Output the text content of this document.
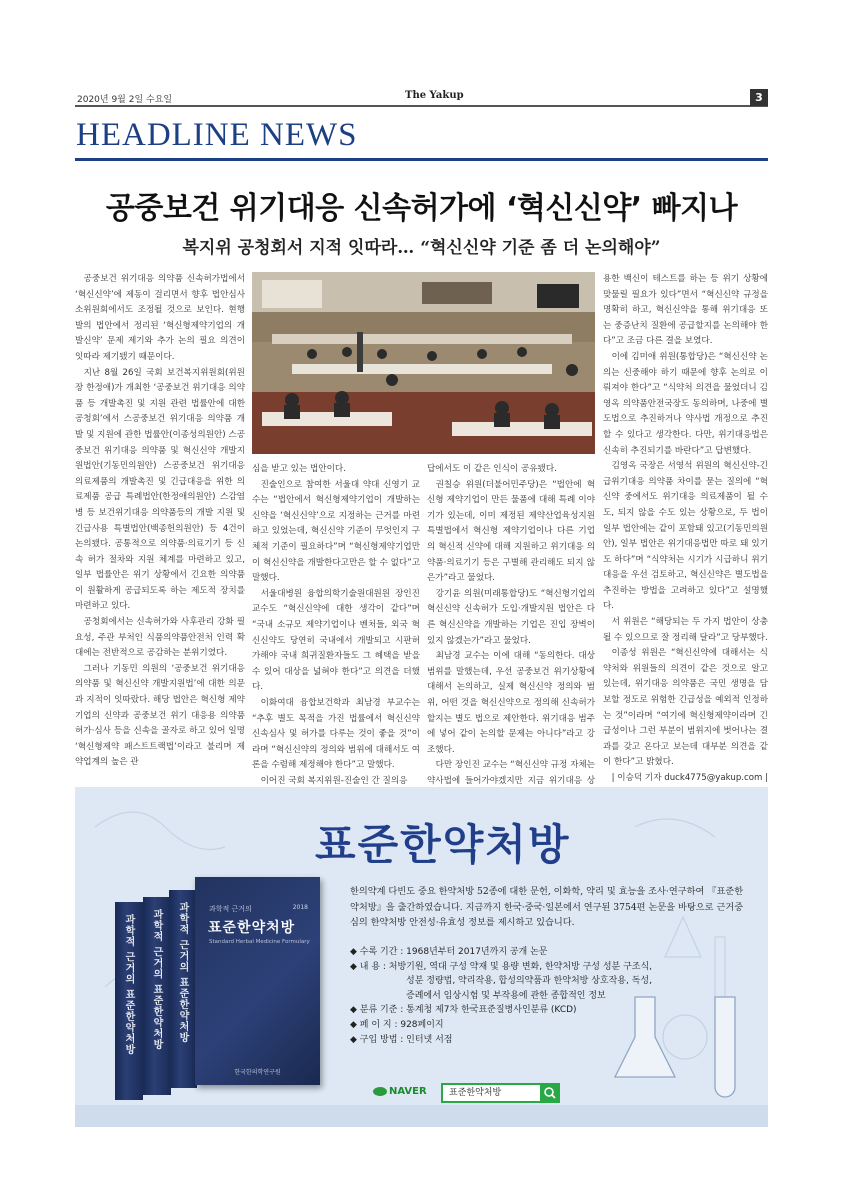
2020년 9월 2일 수요일	The Yakup	3
HEADLINE NEWS
공중보건 위기대응 신속허가에 ‘혁신신약’ 빠지나
복지위 공청회서 지적 잇따라… “혁신신약 기준 좀 더 논의해야”

공중보건 위기대응 의약품 신속허가법에서 ‘혁신신약’에 제동이 걸리면서 향후 법안심사소위원회에서도 조정될 것으로 보인다. 현행 발의 법안에서 정리된 ‘혁신형제약기업의 개발신약’ 문제 제기와 추가 논의 필요 의견이 잇따라 제기됐기 때문이다.

지난 8월 26일 국회 보건복지위원회(위원장 한정애)가 개최한 ‘공중보건 위기대응 의약품 등 개발촉진 및 지원 관련 법률안에 대한 공청회’에서 스공중보건 위기대응 의약품 개발 및 지원에 관한 법률안(이종성의원안) 스공중보건 위기대응 의약품 및 혁신신약 개발지원법안(기동민의원안) 스공중보건 위기대응 의료제품의 개발촉진 및 긴급대응을 위한 의료제품 공급 특례법안(한정애의원안) 스감염병 등 보건위기대응 의약품등의 개발 지원 및 긴급사용 특별법안(백종헌의원안) 등 4건이 논의됐다. 공통적으로 의약품·의료기기 등 신속 허가 절차와 지원 체계를 마련하고 있고, 일부 법률안은 위기 상황에서 긴요한 의약품이 원활하게 공급되도록 하는 제도적 장치를 마련하고 있다.

공청회에서는 신속허가와 사후관리 강화 필요성, 주관 부처인 식품의약품안전처 인력 확대에는 전반적으로 공감하는 분위기였다.

그러나 기동민 의원의 ‘공중보건 위기대응 의약품 및 혁신신약 개발지원법’에 대한 의문과 지적이 잇따랐다. 해당 법안은 혁신형 제약기업의 신약과 공중보건 위기 대응용 의약품 허가·심사 등을 신속을 골자로 하고 있어 일명 ‘혁신형제약 패스트트랙법’이라고 불리며 제약업계의 높은 관

심을 받고 있는 법안이다.

진술인으로 참여한 서울대 약대 신영기 교수는 “법안에서 혁신형제약기업이 개발하는 신약을 ‘혁신신약’으로 지정하는 근거를 마련하고 있었는데, 혁신신약 기준이 무엇인지 구체적 기준이 필요하다”며 “혁신형제약기업만이 혁신신약을 개발한다고만은 할 수 없다”고 말했다.

서울대병원 융합의학기술원대원원 장인진 교수도 “혁신신약에 대한 생각이 같다”며 “국내 소규모 제약기업이나 벤처들, 외국 혁신신약도 당연히 국내에서 개발되고 시판허가해야 국내 희귀질환자들도 그 혜택을 받을 수 있어 대상을 넓혀야 한다”고 의견을 더했다.

이화여대 융합보건학과 최남경 부교수는 “추후 별도 목적을 가진 법률에서 혁신신약 신속심사 및 허가를 다루는 것이 좋을 것”이라며 “혁신신약의 정의와 범위에 대해서도 여론을 수렴해 제정해야 한다”고 말했다.

이어진 국회 복지위원-진술인 간 질의응

답에서도 이 같은 인식이 공유됐다.

권칠승 위원(더불어민주당)은 “법안에 혁신형 제약기업이 만든 물품에 대해 특례 이야기가 있는데, 이미 제정된 제약산업육성지원 특별법에서 혁신형 제약기업이나 다른 기업의 혁신적 신약에 대해 지원하고 위기대응 의약품·의료기기 등은 구별해 관리해도 되지 않은가”라고 물었다.

강기윤 의원(미래통합당)도 “혁신형기업의 혁신신약 신속허가 도입·개발지원 법안은 다른 혁신신약을 개발하는 기업은 진입 장벽이 있지 않겠는가”라고 물었다.

최남경 교수는 이에 대해 “동의한다. 대상 범위를 말했는데, 우선 공중보건 위기상황에 대해서 논의하고, 실제 혁신신약 정의와 범위, 어떤 것을 혁신신약으로 정의해 신속허가할지는 별도 법으로 제안한다. 위기대응 범주에 넣어 같이 논의할 문제는 아니다”라고 강조했다.

다만 장인진 교수는 “혁신신약 규정 자체는 약사법에 들어가야겠지만 지금 위기대응 상

용한 백신이 테스트를 하는 등 위기 상황에 맞물릴 필요가 있다”면서 “혁신신약 규정을 명확히 하고, 혁신신약을 통해 위기대응 또는 중증난치 질환에 공급할지를 논의해야 한다”고 조금 다른 결을 보였다.

이에 김미애 위원(통합당)은 “혁신신약 논의는 신중해야 하기 때문에 향후 논의로 이뤄져야 한다”고 “식약처 의견을 물었더니 김영옥 의약품안전국장도 동의하며, 나중에 별도법으로 추진하거나 약사법 개정으로 추진할 수 있다고 생각한다. 다만, 위기대응법은 신속히 추진되기를 바란다”고 답변했다.

김영옥 국장은 서영석 위원의 혁신신약-긴급위기대응 의약품 차이를 묻는 질의에 “혁신약 중에서도 위기대응 의료제품이 될 수도, 되지 않을 수도 있는 상황으로, 두 법이 일부 법안에는 같이 포함돼 있고(기동민의원안), 일부 법안은 위기대응법만 따로 돼 있기도 하다”며 “식약처는 시기가 시급하니 위기대응을 우선 검토하고, 혁신신약은 별도법을 추진하는 방법을 고려하고 있다”고 설명했다.

서 위원은 “해당되는 두 가지 법안이 상충될 수 있으므로 잘 정리해 달라”고 당부했다.

이종성 위원은 “혁신신약에 대해서는 식약처와 위원들의 의견이 같은 것으로 알고 있는데, 위기대응 의약품은 국민 생명을 담보할 정도로 위험한 긴급성을 예외적 인정하는 것”이라며 “여기에 혁신형제약이라며 긴급성이나 그런 부분이 범위지에 벗어나는 결과를 갖고 온다고 보는데 대부분 의견을 같이 한다”고 밝혔다.

| 이승덕 기자 duck4775@yakup.com |

표준한약처방
과학적 근거의 표준한약처방 과학적 근거의 표준한약처방 과학적 근거의 표준한약처방	과학적 근거의	2018
표준한약처방
Standard Herbal Medicine Formulary
한국한의학연구원
한의약계 다빈도 중요 한약처방 52종에 대한 문헌, 이화학, 약리 및 효능을 조사·연구하여 『표준한약처방』을 출간하였습니다. 지금까지 한국·중국·일본에서 연구된 3754편 논문을 바탕으로 근거중심의 한약처방 안전성·유효성 정보를 제시하고 있습니다.
◆ 수록 기간 : 1968년부터 2017년까지 공개 논문
◆ 내 용 : 처방기원, 역대 구성 약재 및 용량 변화, 한약처방 구성 성분 구조식,
성분 정량법, 약리작용, 합성의약품과 한약처방 상호작용, 독성,
증례에서 임상시험 및 부작용에 관한 종합적인 정보
◆ 분류 기준 : 통계청 제7차 한국표준질병사인분류 (KCD)
◆ 페 이 지 : 928페이지
◆ 구입 방법 : 인터넷 서점
NAVER	표준한약처방
